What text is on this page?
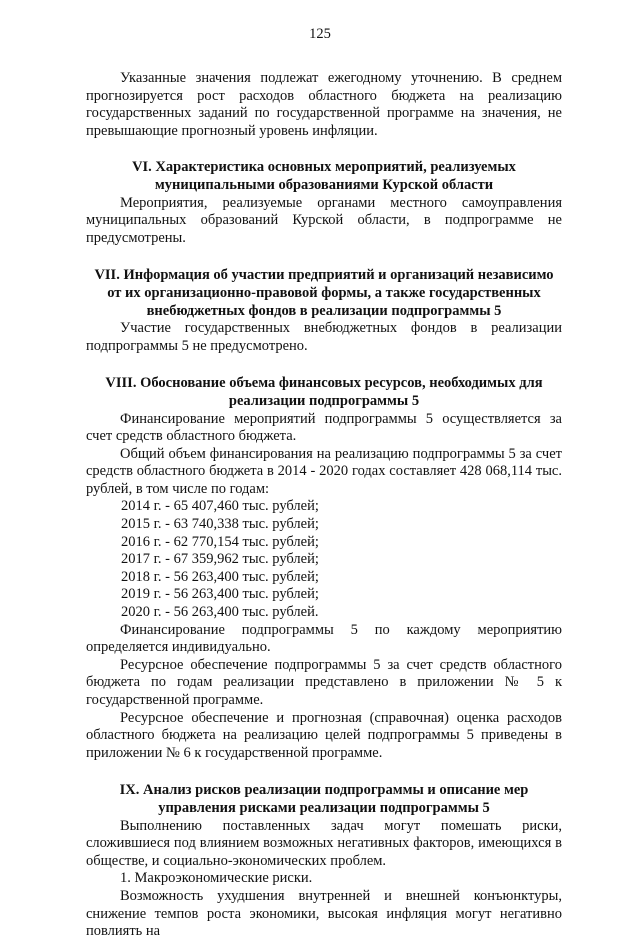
125

Указанные значения подлежат ежегодному уточнению. В среднем прогнозируется рост расходов областного бюджета на реализацию государственных заданий по государственной программе на значения, не превышающие прогнозный уровень инфляции.

VI. Характеристика основных мероприятий, реализуемых муниципальными образованиями Курской области

Мероприятия, реализуемые органами местного самоуправления муниципальных образований Курской области, в подпрограмме не предусмотрены.

VII. Информация об участии предприятий и организаций независимо от их организационно-правовой формы, а также государственных внебюджетных фондов в реализации подпрограммы 5

Участие государственных внебюджетных фондов в реализации подпрограммы 5 не предусмотрено.

VIII. Обоснование объема финансовых ресурсов, необходимых для реализации подпрограммы 5

Финансирование мероприятий подпрограммы 5 осуществляется за счет средств областного бюджета.

Общий объем финансирования на реализацию подпрограммы 5 за счет средств областного бюджета в 2014 - 2020 годах составляет 428 068,114 тыс. рублей, в том числе по годам:

2014 г. - 65 407,460 тыс. рублей;
2015 г. - 63 740,338 тыс. рублей;
2016 г. - 62 770,154 тыс. рублей;
2017 г. - 67 359,962 тыс. рублей;
2018 г. - 56 263,400 тыс. рублей;
2019 г. - 56 263,400 тыс. рублей;
2020 г. - 56 263,400 тыс. рублей.

Финансирование подпрограммы 5 по каждому мероприятию определяется индивидуально.

Ресурсное обеспечение подпрограммы 5 за счет средств областного бюджета по годам реализации представлено в приложении № 5 к государственной программе.

Ресурсное обеспечение и прогнозная (справочная) оценка расходов областного бюджета на реализацию целей подпрограммы 5 приведены в приложении № 6 к государственной программе.

IX. Анализ рисков реализации подпрограммы и описание мер управления рисками реализации подпрограммы 5

Выполнению поставленных задач могут помешать риски, сложившиеся под влиянием возможных негативных факторов, имеющихся в обществе, и социально-экономических проблем.

1. Макроэкономические риски.

Возможность ухудшения внутренней и внешней конъюнктуры, снижение темпов роста экономики, высокая инфляция могут негативно повлиять на
